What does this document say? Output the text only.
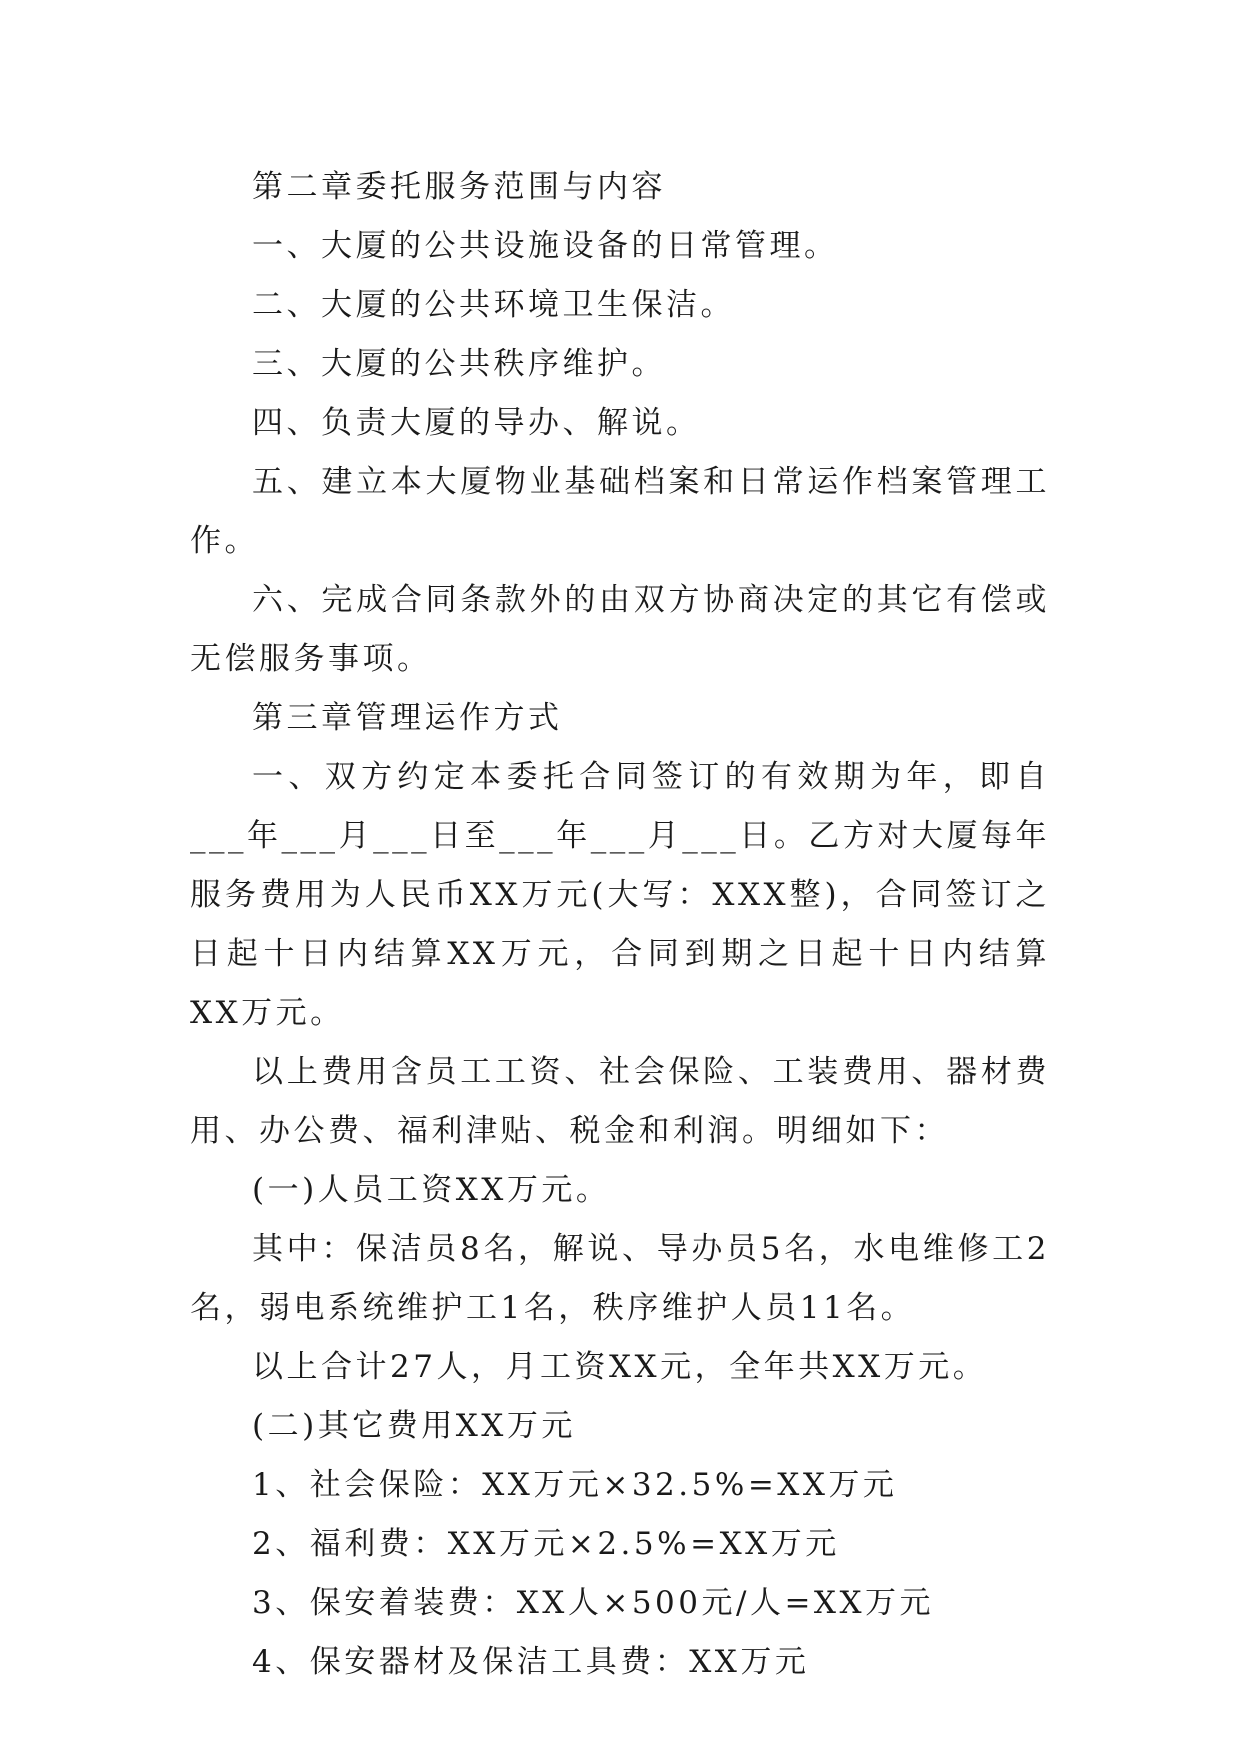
第二章委托服务范围与内容

一、大厦的公共设施设备的日常管理。

二、大厦的公共环境卫生保洁。

三、大厦的公共秩序维护。

四、负责大厦的导办、解说。

五、建立本大厦物业基础档案和日常运作档案管理工作。

六、完成合同条款外的由双方协商决定的其它有偿或无偿服务事项。

第三章管理运作方式

一、双方约定本委托合同签订的有效期为年，即自___年___月___日至___年___月___日。乙方对大厦每年服务费用为人民币XX万元(大写：XXX整)，合同签订之日起十日内结算XX万元，合同到期之日起十日内结算XX万元。

以上费用含员工工资、社会保险、工装费用、器材费用、办公费、福利津贴、税金和利润。明细如下：

(一)人员工资XX万元。

其中：保洁员8名，解说、导办员5名，水电维修工2名，弱电系统维护工1名，秩序维护人员11名。

以上合计27人，月工资XX元，全年共XX万元。

(二)其它费用XX万元

1、社会保险：XX万元×32.5%=XX万元

2、福利费：XX万元×2.5%=XX万元

3、保安着装费：XX人×500元/人=XX万元

4、保安器材及保洁工具费：XX万元
